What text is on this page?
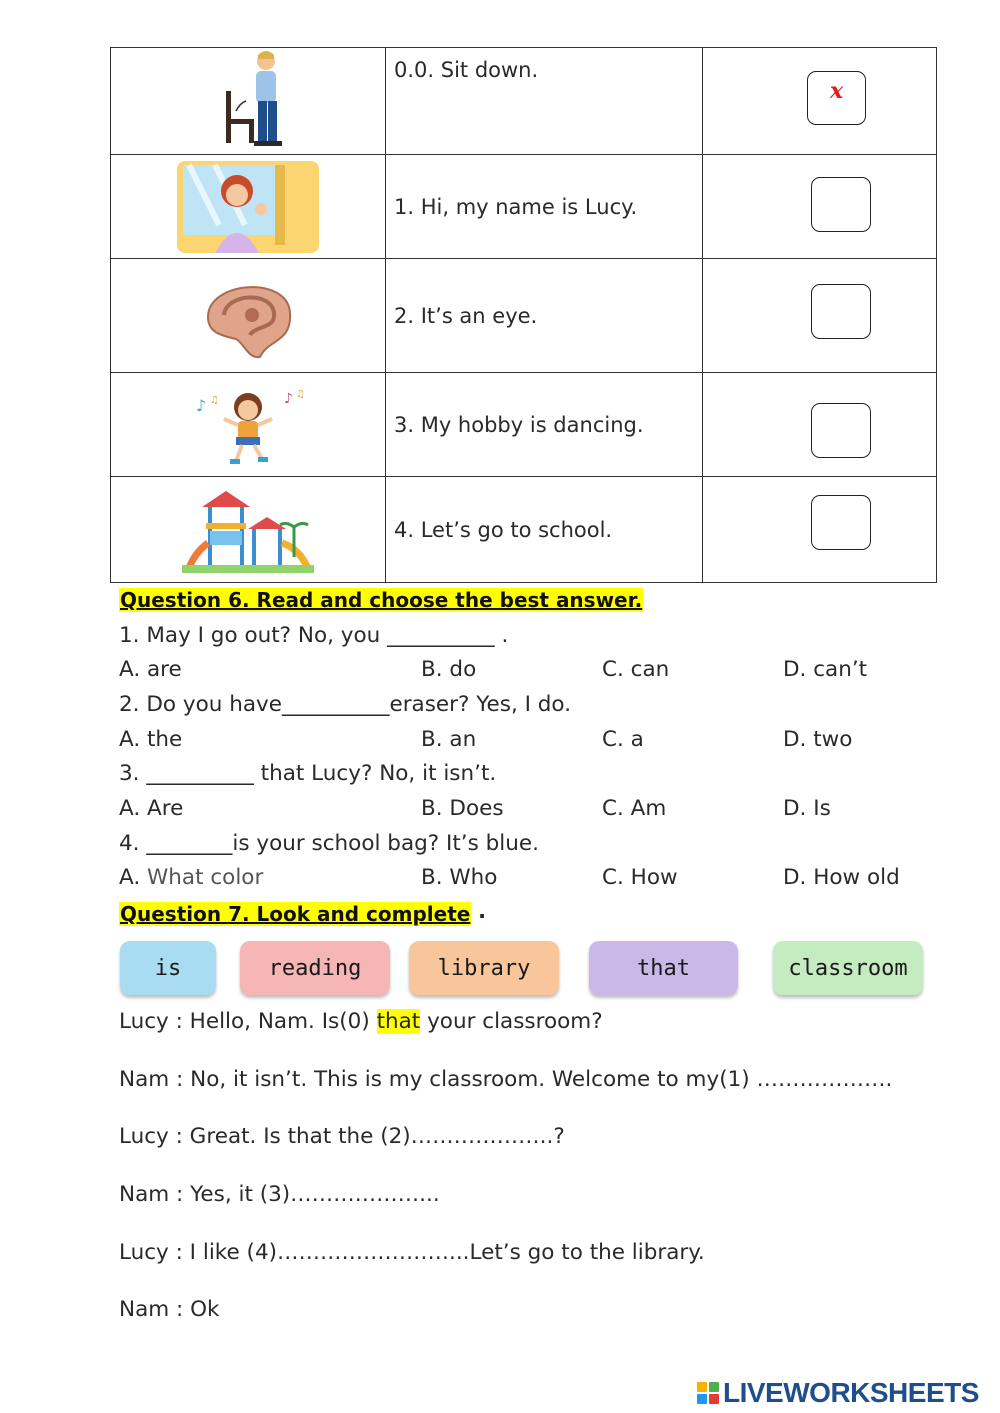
	0.0. Sit down.	x

	1. Hi, my name is Lucy.	

	2. It’s an eye.	

♪ ♫ ♪ ♫	3. My hobby is dancing.	

	4. Let’s go to school.	
Question 6. Read and choose the best answer.
1. May I go out? No, you __________ .
A. are	B. do	C. can	D. can’t
2. Do you have__________eraser? Yes, I do.
A. the	B. an	C. a	D. two
3. __________ that Lucy? No, it isn’t.
A. Are	B. Does	C. Am	D. Is
4. ________is your school bag? It’s blue.
A. What color	B. Who	C. How	D. How old
Question 7. Look and complete .
is	reading	library	that	classroom
Lucy : Hello, Nam. Is(0) that your classroom?
Nam : No, it isn’t. This is my classroom. Welcome to my(1) ……………….
Lucy : Great. Is that the (2)………………..?
Nam : Yes, it (3)………………...
Lucy : I like (4)……………………...Let’s go to the library.
Nam : Ok
LIVEWORKSHEETS
